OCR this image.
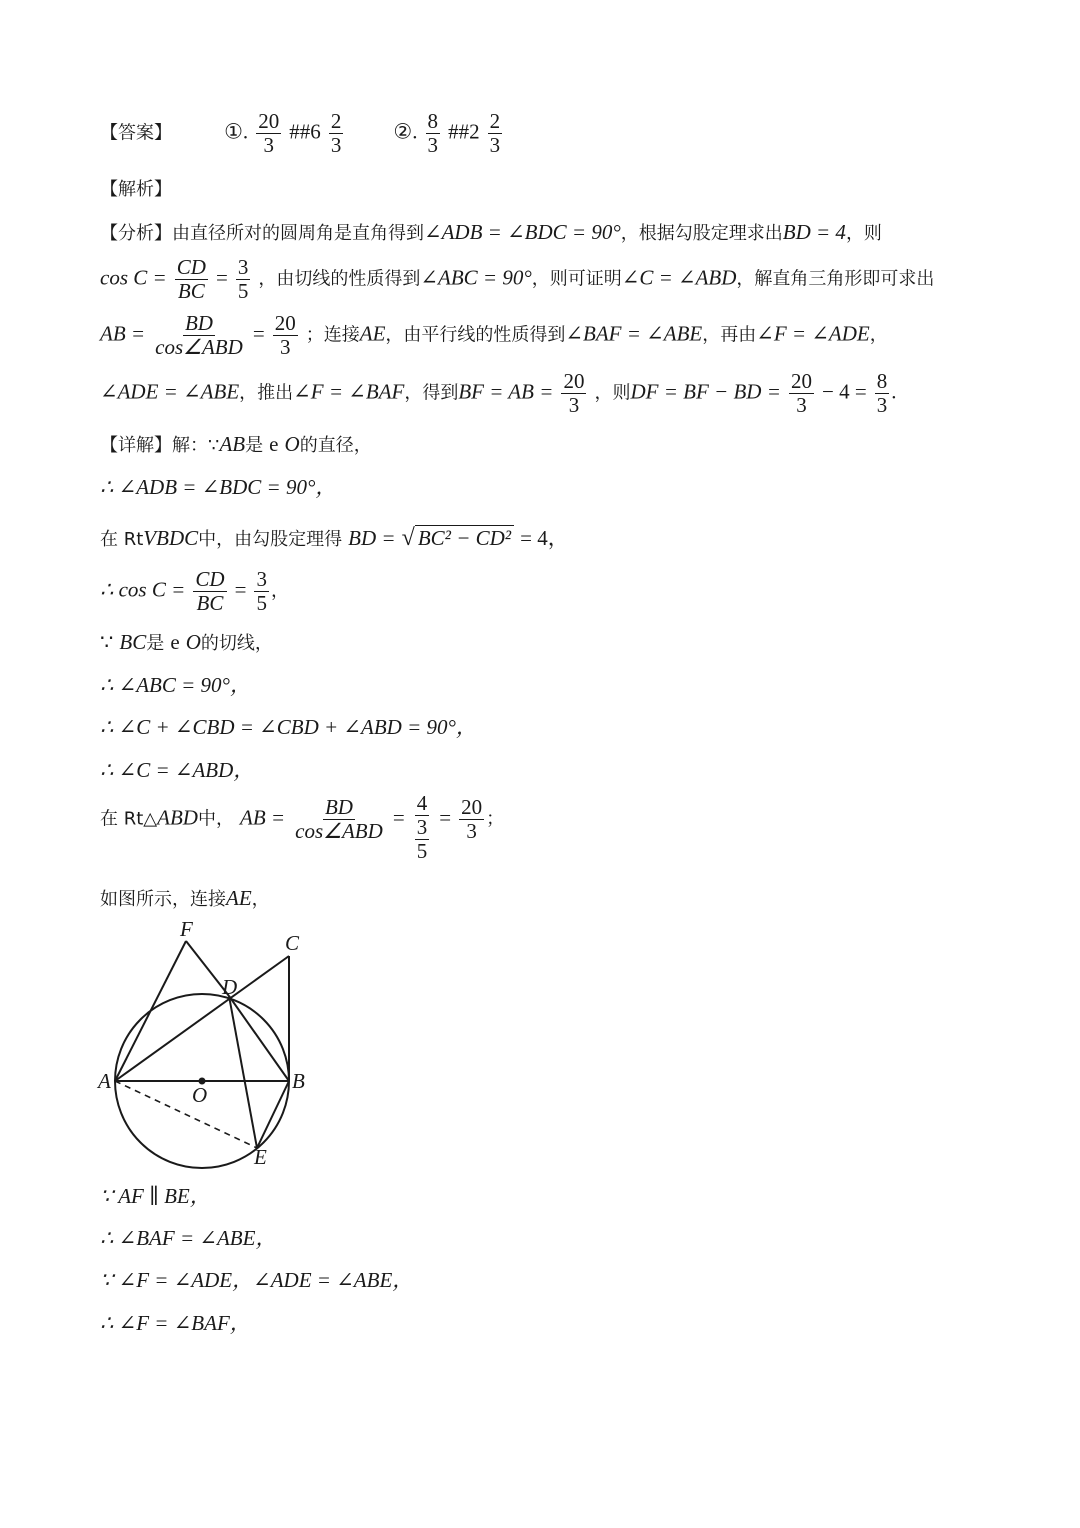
【答案】 ①. $\frac{20}{3}$ ##6 $\frac{2}{3}$ ②. $\frac{8}{3}$ ##2 $\frac{2}{3}$
【解析】
【分析】由直径所对的圆周角是直角得到∠ADB = ∠BDC = 90°，根据勾股定理求出BD = 4，则
$\cos C = \frac{CD}{BC} = \frac{3}{5}$ ，由切线的性质得到∠ABC = 90°，则可证明∠C = ∠ABD，解直角三角形即可求出
AB = $\frac{BD}{\text{cos∠ABD}} = \frac{20}{3}$ ；连接AE，由平行线的性质得到∠BAF = ∠ABE，再由∠F = ∠ADE，
∠ADE = ∠ABE，推出∠F = ∠BAF，得到BF = AB = $\frac{20}{3}$ ，则DF = BF − BD = $\frac{20}{3} - 4 = \frac{8}{3}$ .
【详解】解：∵AB是 e O的直径，
∴ ∠ADB = ∠BDC = 90°，
在 RtVBDC中，由勾股定理得 BD = √ BC² − CD² = 4，
∴ $\cos C = \frac{CD}{BC} = \frac{3}{5}$ ，
∵ BC是 e O的切线，
∴ ∠ABC = 90°，
∴ ∠C + ∠CBD = ∠CBD + ∠ABD = 90°，
∴ ∠C = ∠ABD，
在 Rt△ABD中， AB = $\frac{BD}{\text{cos∠ABD}} = \frac{4}{\frac{3}{5}} = \frac{20}{3}$ ；
如图所示，连接AE，
F
C
D
A	B
O
E
∵ AF ∥ BE，
∴ ∠BAF = ∠ABE，
∵ ∠F = ∠ADE，∠ADE = ∠ABE，
∴ ∠F = ∠BAF，
